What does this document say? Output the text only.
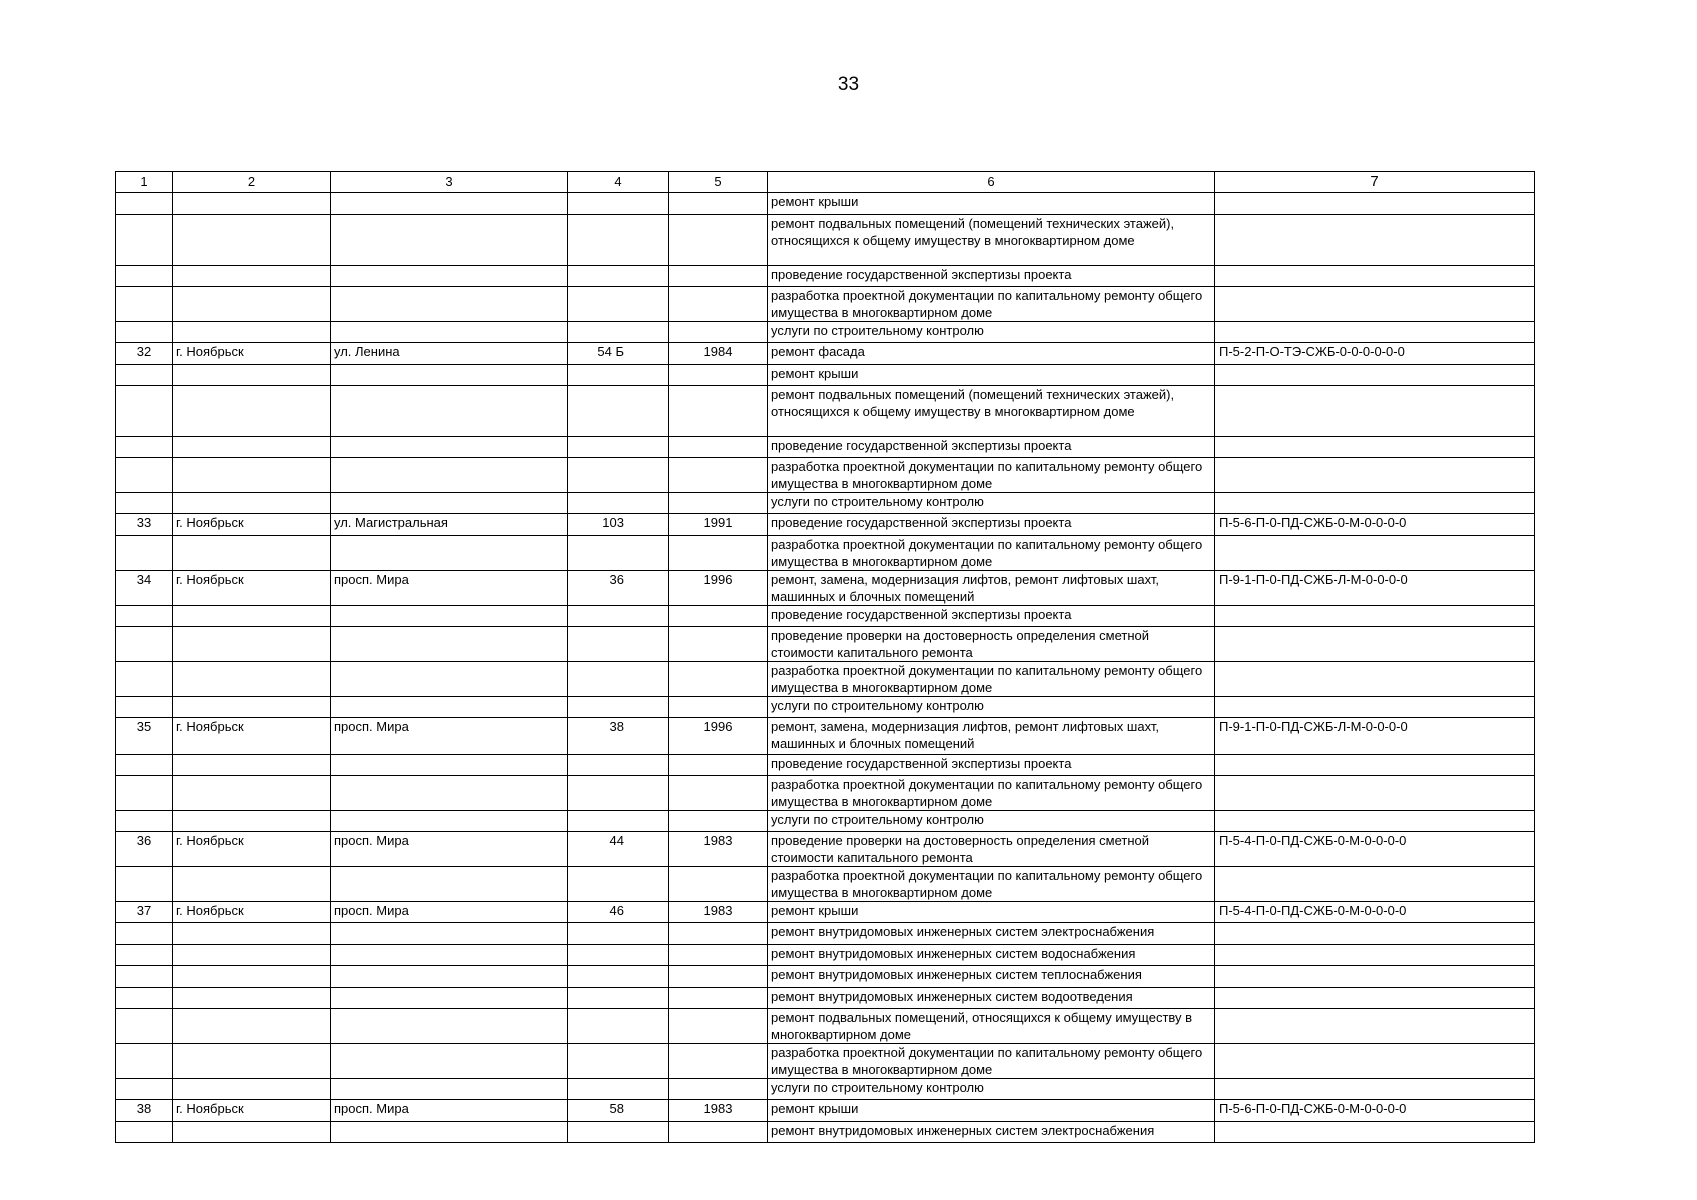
33
1	2	3	4	5	6	7
					ремонт крыши	
					ремонт подвальных помещений (помещений технических этажей), относящихся к общему имуществу в многоквартирном доме	
					проведение государственной экспертизы проекта	
					разработка проектной документации по капитальному ремонту общего имущества в многоквартирном доме	
					услуги по строительному контролю	
32	г. Ноябрьск	ул. Ленина	54 Б	1984	ремонт фасада	П-5-2-П-О-ТЭ-СЖБ-0-0-0-0-0-0
					ремонт крыши	
					ремонт подвальных помещений (помещений технических этажей), относящихся к общему имуществу в многоквартирном доме	
					проведение государственной экспертизы проекта	
					разработка проектной документации по капитальному ремонту общего имущества в многоквартирном доме	
					услуги по строительному контролю	
33	г. Ноябрьск	ул. Магистральная	103	1991	проведение государственной экспертизы проекта	П-5-6-П-0-ПД-СЖБ-0-М-0-0-0-0
					разработка проектной документации по капитальному ремонту общего имущества в многоквартирном доме	
34	г. Ноябрьск	просп. Мира	36	1996	ремонт, замена, модернизация лифтов, ремонт лифтовых шахт, машинных и блочных помещений	П-9-1-П-0-ПД-СЖБ-Л-М-0-0-0-0
					проведение государственной экспертизы проекта	
					проведение проверки на достоверность определения сметной стоимости капитального ремонта	
					разработка проектной документации по капитальному ремонту общего имущества в многоквартирном доме	
					услуги по строительному контролю	
35	г. Ноябрьск	просп. Мира	38	1996	ремонт, замена, модернизация лифтов, ремонт лифтовых шахт, машинных и блочных помещений	П-9-1-П-0-ПД-СЖБ-Л-М-0-0-0-0
					проведение государственной экспертизы проекта	
					разработка проектной документации по капитальному ремонту общего имущества в многоквартирном доме	
					услуги по строительному контролю	
36	г. Ноябрьск	просп. Мира	44	1983	проведение проверки на достоверность определения сметной стоимости капитального ремонта	П-5-4-П-0-ПД-СЖБ-0-М-0-0-0-0
					разработка проектной документации по капитальному ремонту общего имущества в многоквартирном доме	
37	г. Ноябрьск	просп. Мира	46	1983	ремонт крыши	П-5-4-П-0-ПД-СЖБ-0-М-0-0-0-0
					ремонт внутридомовых инженерных систем электроснабжения	
					ремонт внутридомовых инженерных систем водоснабжения	
					ремонт внутридомовых инженерных систем теплоснабжения	
					ремонт внутридомовых инженерных систем водоотведения	
					ремонт подвальных помещений, относящихся к общему имуществу в многоквартирном доме	
					разработка проектной документации по капитальному ремонту общего имущества в многоквартирном доме	
					услуги по строительному контролю	
38	г. Ноябрьск	просп. Мира	58	1983	ремонт крыши	П-5-6-П-0-ПД-СЖБ-0-М-0-0-0-0
					ремонт внутридомовых инженерных систем электроснабжения	
